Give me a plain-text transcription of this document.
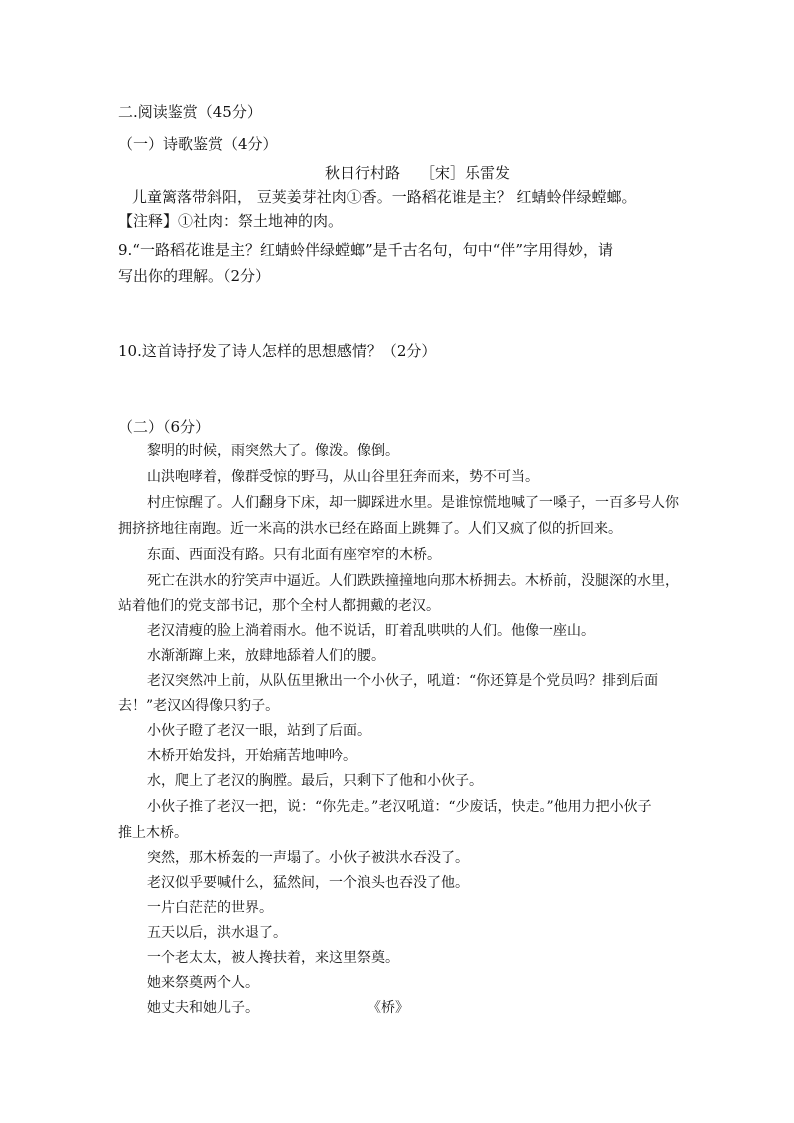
二.阅读鉴赏（45分）
（一）诗歌鉴赏（4分）
秋日行村路 ［宋］乐雷发
儿童篱落带斜阳， 豆荚姜芽社肉①香。一路稻花谁是主？ 红蜻蛉伴绿螳螂。
【注释】①社肉：祭土地神的肉。
9.“一路稻花谁是主？红蜻蛉伴绿螳螂”是千古名句，句中“伴”字用得妙，请
写出你的理解。（2分）
10.这首诗抒发了诗人怎样的思想感情？（2分）
（二）（6分）
黎明的时候，雨突然大了。像泼。像倒。
山洪咆哮着，像群受惊的野马，从山谷里狂奔而来，势不可当。
村庄惊醒了。人们翻身下床，却一脚踩进水里。是谁惊慌地喊了一嗓子，一百多号人你
拥挤挤地往南跑。近一米高的洪水已经在路面上跳舞了。人们又疯了似的折回来。
东面、西面没有路。只有北面有座窄窄的木桥。
死亡在洪水的狞笑声中逼近。人们跌跌撞撞地向那木桥拥去。木桥前，没腿深的水里，
站着他们的党支部书记，那个全村人都拥戴的老汉。
老汉清瘦的脸上淌着雨水。他不说话，盯着乱哄哄的人们。他像一座山。
水渐渐蹿上来，放肆地舔着人们的腰。
老汉突然冲上前，从队伍里揪出一个小伙子，吼道：“你还算是个党员吗？排到后面
去！”老汉凶得像只豹子。
小伙子瞪了老汉一眼，站到了后面。
木桥开始发抖，开始痛苦地呻吟。
水，爬上了老汉的胸膛。最后，只剩下了他和小伙子。
小伙子推了老汉一把，说：“你先走。”老汉吼道：“少废话，快走。”他用力把小伙子
推上木桥。
突然，那木桥轰的一声塌了。小伙子被洪水吞没了。
老汉似乎要喊什么，猛然间，一个浪头也吞没了他。
一片白茫茫的世界。
五天以后，洪水退了。
一个老太太，被人搀扶着，来这里祭奠。
她来祭奠两个人。
她丈夫和她儿子。	《桥》
